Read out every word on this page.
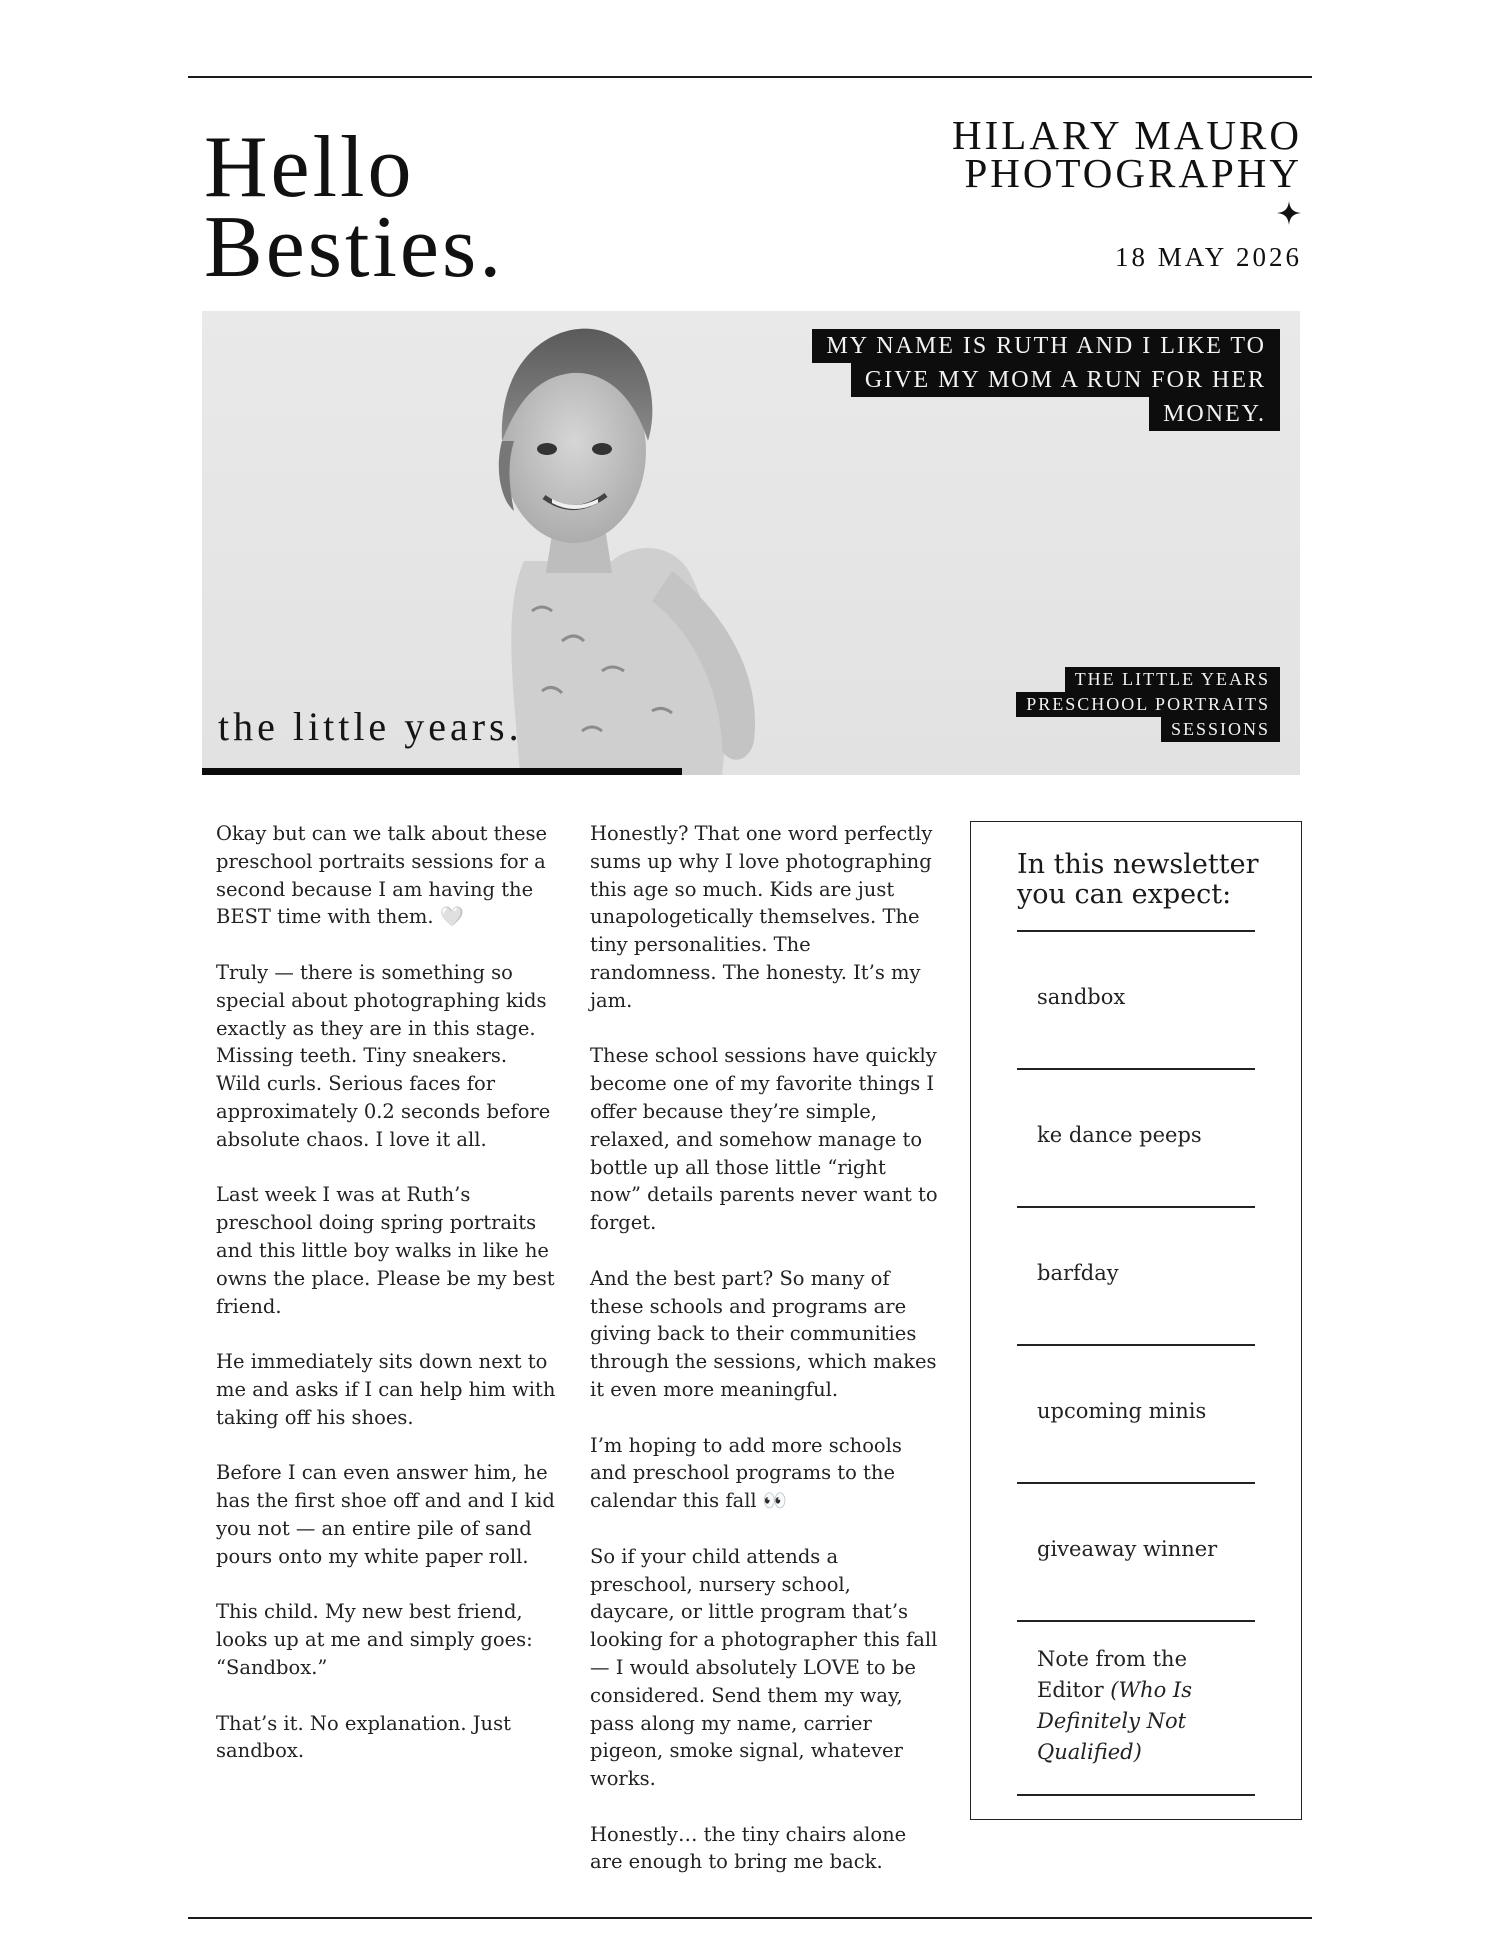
Hello
Besties.
HILARY MAURO
PHOTOGRAPHY
18 MAY 2026
MY NAME IS RUTH AND I LIKE TO
GIVE MY MOM A RUN FOR HER
MONEY.
THE LITTLE YEARS
PRESCHOOL PORTRAITS
SESSIONS
the little years.

Okay but can we talk about these preschool portraits sessions for a second because I am having the BEST time with them. 🤍

Truly — there is something so special about photographing kids exactly as they are in this stage. Missing teeth. Tiny sneakers. Wild curls. Serious faces for approximately 0.2 seconds before absolute chaos. I love it all.

Last week I was at Ruth’s preschool doing spring portraits and this little boy walks in like he owns the place. Please be my best friend.

He immediately sits down next to me and asks if I can help him with taking off his shoes.

Before I can even answer him, he has the first shoe off and and I kid you not — an entire pile of sand pours onto my white paper roll.

This child. My new best friend, looks up at me and simply goes: “Sandbox.”

That’s it. No explanation. Just sandbox.

Honestly? That one word perfectly sums up why I love photographing this age so much. Kids are just unapologetically themselves. The tiny personalities. The randomness. The honesty. It’s my jam.

These school sessions have quickly become one of my favorite things I offer because they’re simple, relaxed, and somehow manage to bottle up all those little “right now” details parents never want to forget.

And the best part? So many of these schools and programs are giving back to their communities through the sessions, which makes it even more meaningful.

I’m hoping to add more schools and preschool programs to the calendar this fall 👀

So if your child attends a preschool, nursery school, daycare, or little program that’s looking for a photographer this fall — I would absolutely LOVE to be considered. Send them my way, pass along my name, carrier pigeon, smoke signal, whatever works.

Honestly… the tiny chairs alone are enough to bring me back.

In this newsletter
you can expect:
sandbox
ke dance peeps
barfday
upcoming minis
giveaway winner
Note from the
Editor (Who Is
Definitely Not
Qualified)
